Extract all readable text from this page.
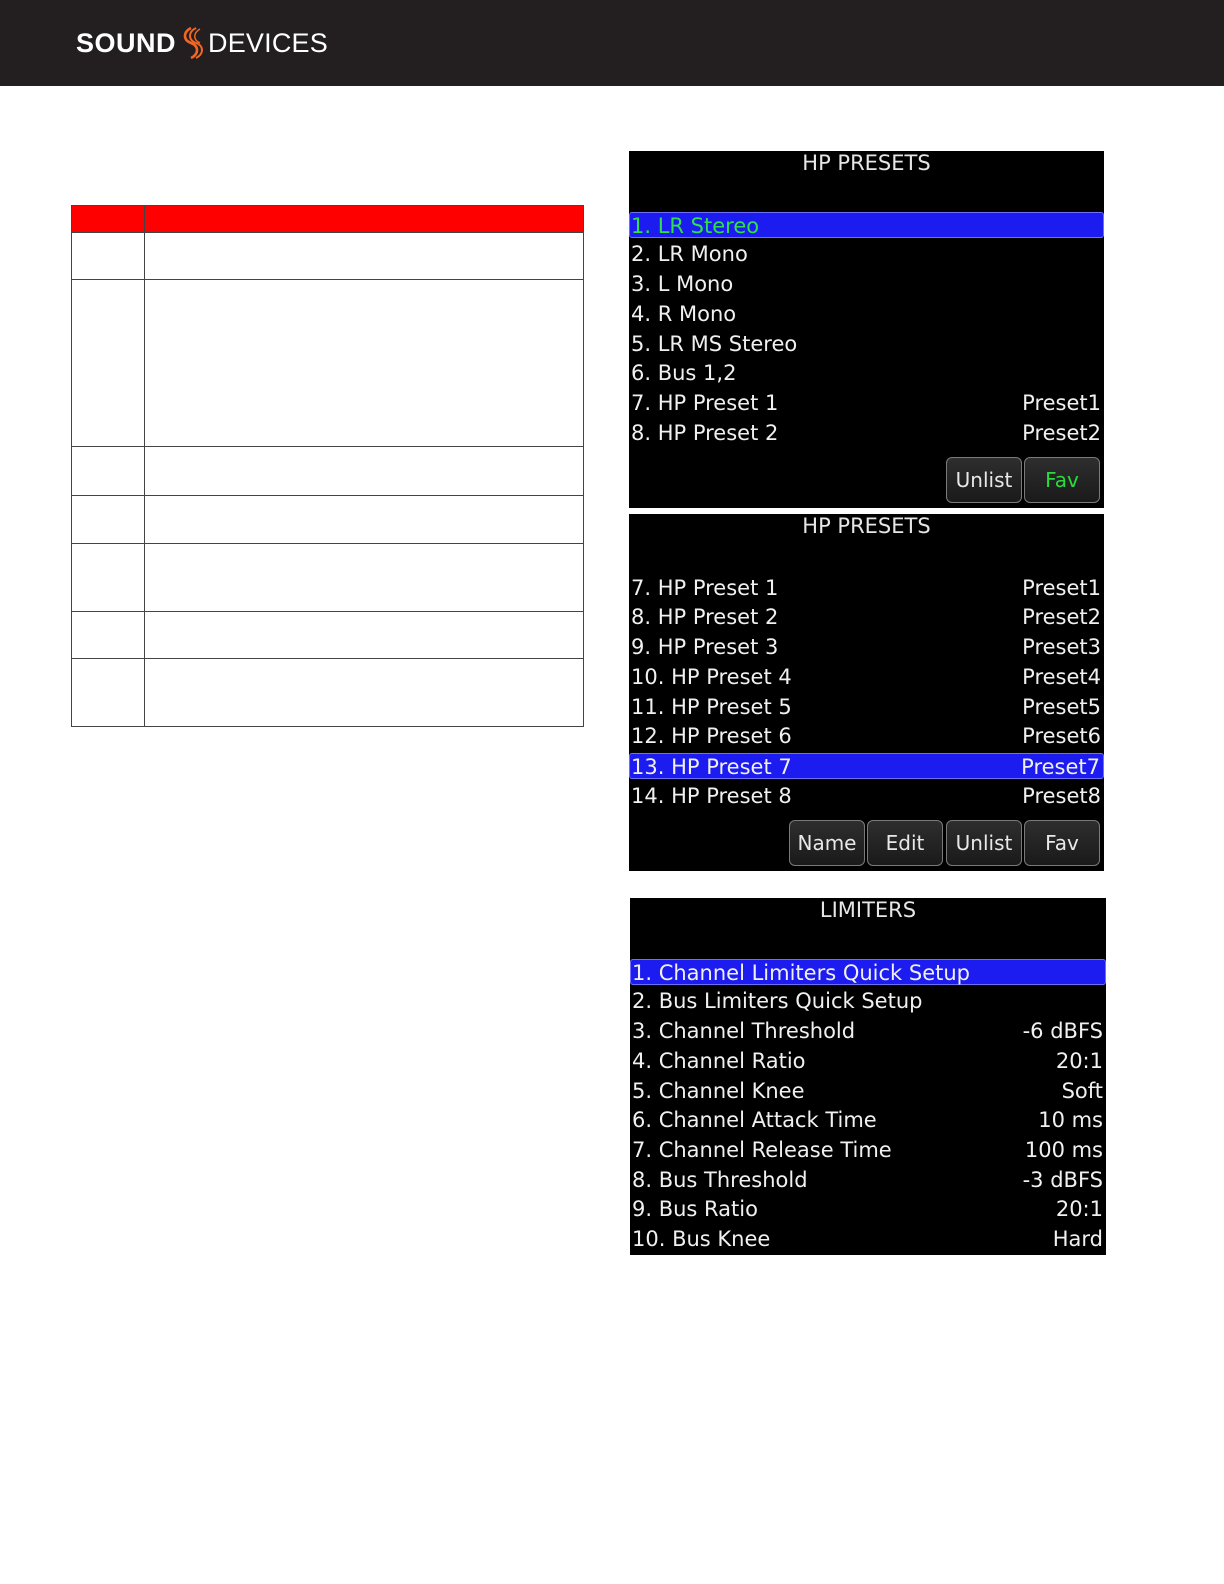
SOUND DEVICES

HP PRESETS
1. LR Stereo
2. LR Mono
3. L Mono
4. R Mono
5. LR MS Stereo
6. Bus 1,2
7. HP Preset 1	Preset1
8. HP Preset 2	Preset2
Unlist	Fav
HP PRESETS
7. HP Preset 1	Preset1
8. HP Preset 2	Preset2
9. HP Preset 3	Preset3
10. HP Preset 4	Preset4
11. HP Preset 5	Preset5
12. HP Preset 6	Preset6
13. HP Preset 7	Preset7
14. HP Preset 8	Preset8
Name	Edit	Unlist	Fav
LIMITERS
1. Channel Limiters Quick Setup
2. Bus Limiters Quick Setup
3. Channel Threshold	-6 dBFS
4. Channel Ratio	20:1
5. Channel Knee	Soft
6. Channel Attack Time	10 ms
7. Channel Release Time	100 ms
8. Bus Threshold	-3 dBFS
9. Bus Ratio	20:1
10. Bus Knee	Hard
